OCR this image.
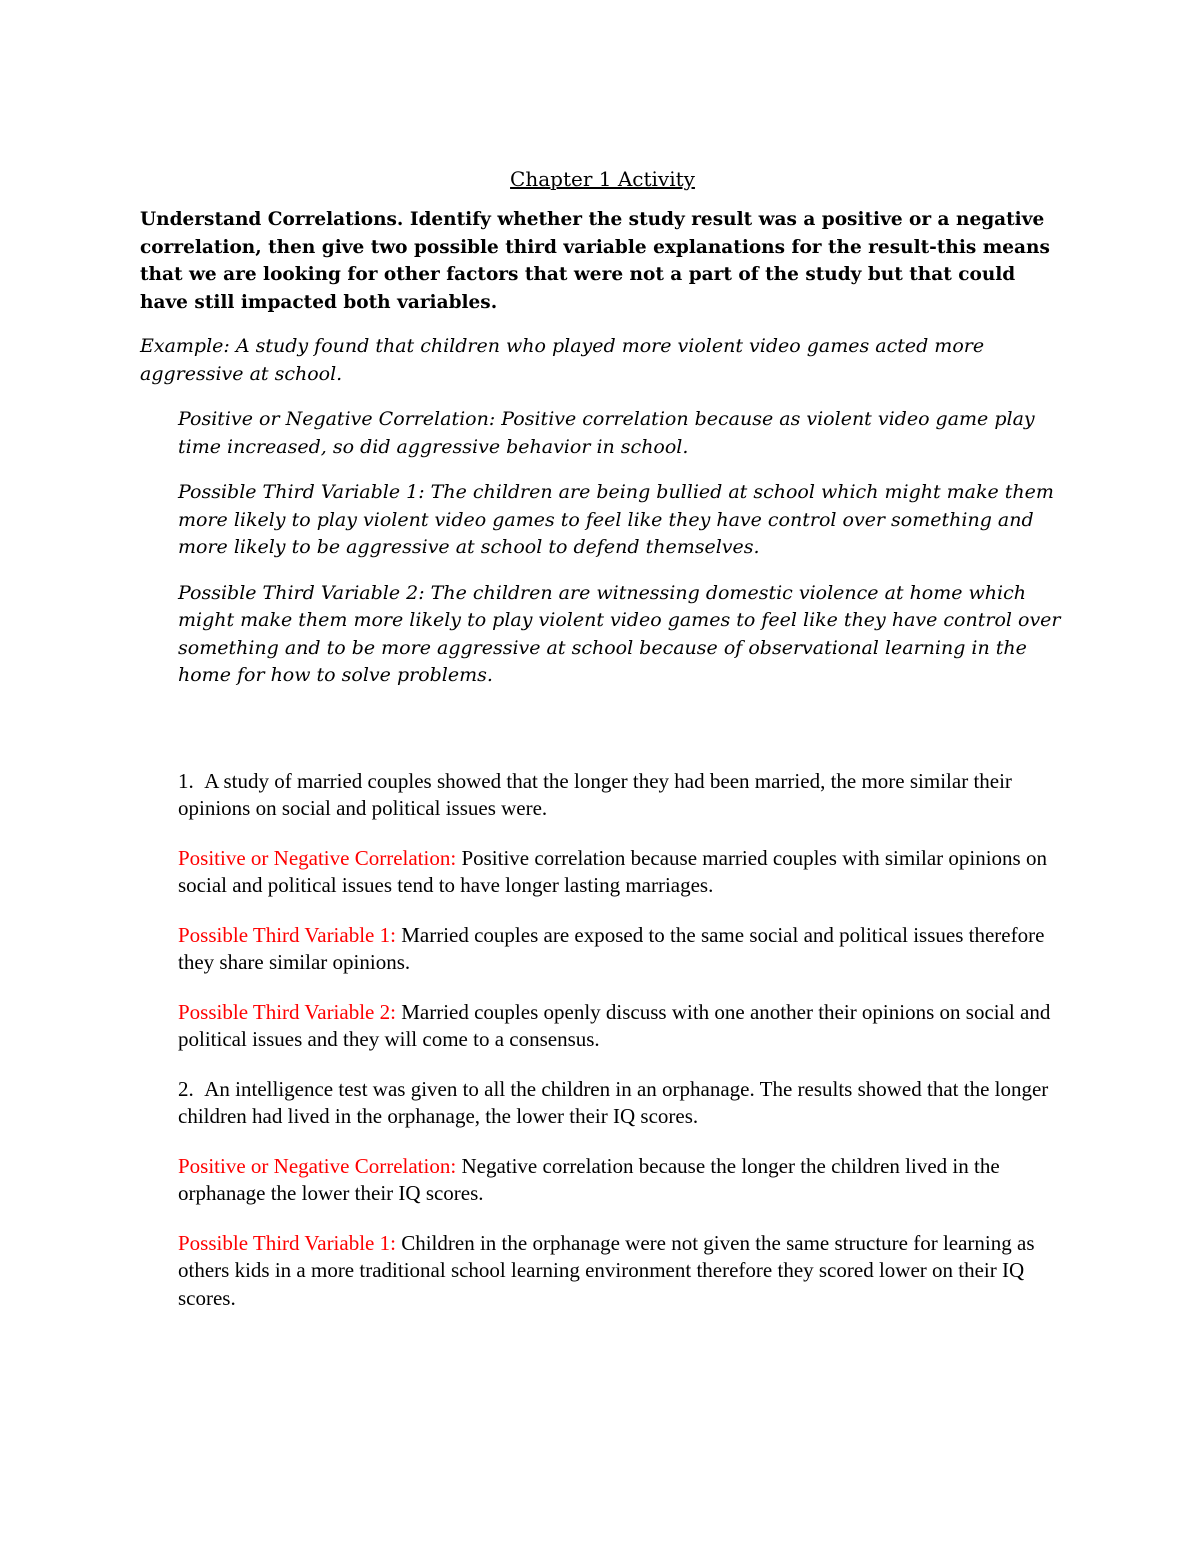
Chapter 1 Activity
Understand Correlations. Identify whether the study result was a positive or a negative correlation, then give two possible third variable explanations for the result-this means that we are looking for other factors that were not a part of the study but that could have still impacted both variables.
Example: A study found that children who played more violent video games acted more aggressive at school.
Positive or Negative Correlation: Positive correlation because as violent video game play time increased, so did aggressive behavior in school.
Possible Third Variable 1: The children are being bullied at school which might make them more likely to play violent video games to feel like they have control over something and more likely to be aggressive at school to defend themselves.
Possible Third Variable 2: The children are witnessing domestic violence at home which might make them more likely to play violent video games to feel like they have control over something and to be more aggressive at school because of observational learning in the home for how to solve problems.
1. A study of married couples showed that the longer they had been married, the more similar their opinions on social and political issues were.
Positive or Negative Correlation: Positive correlation because married couples with similar opinions on social and political issues tend to have longer lasting marriages.
Possible Third Variable 1: Married couples are exposed to the same social and political issues therefore they share similar opinions.
Possible Third Variable 2: Married couples openly discuss with one another their opinions on social and political issues and they will come to a consensus.
2. An intelligence test was given to all the children in an orphanage. The results showed that the longer children had lived in the orphanage, the lower their IQ scores.
Positive or Negative Correlation: Negative correlation because the longer the children lived in the orphanage the lower their IQ scores.
Possible Third Variable 1: Children in the orphanage were not given the same structure for learning as others kids in a more traditional school learning environment therefore they scored lower on their IQ scores.
